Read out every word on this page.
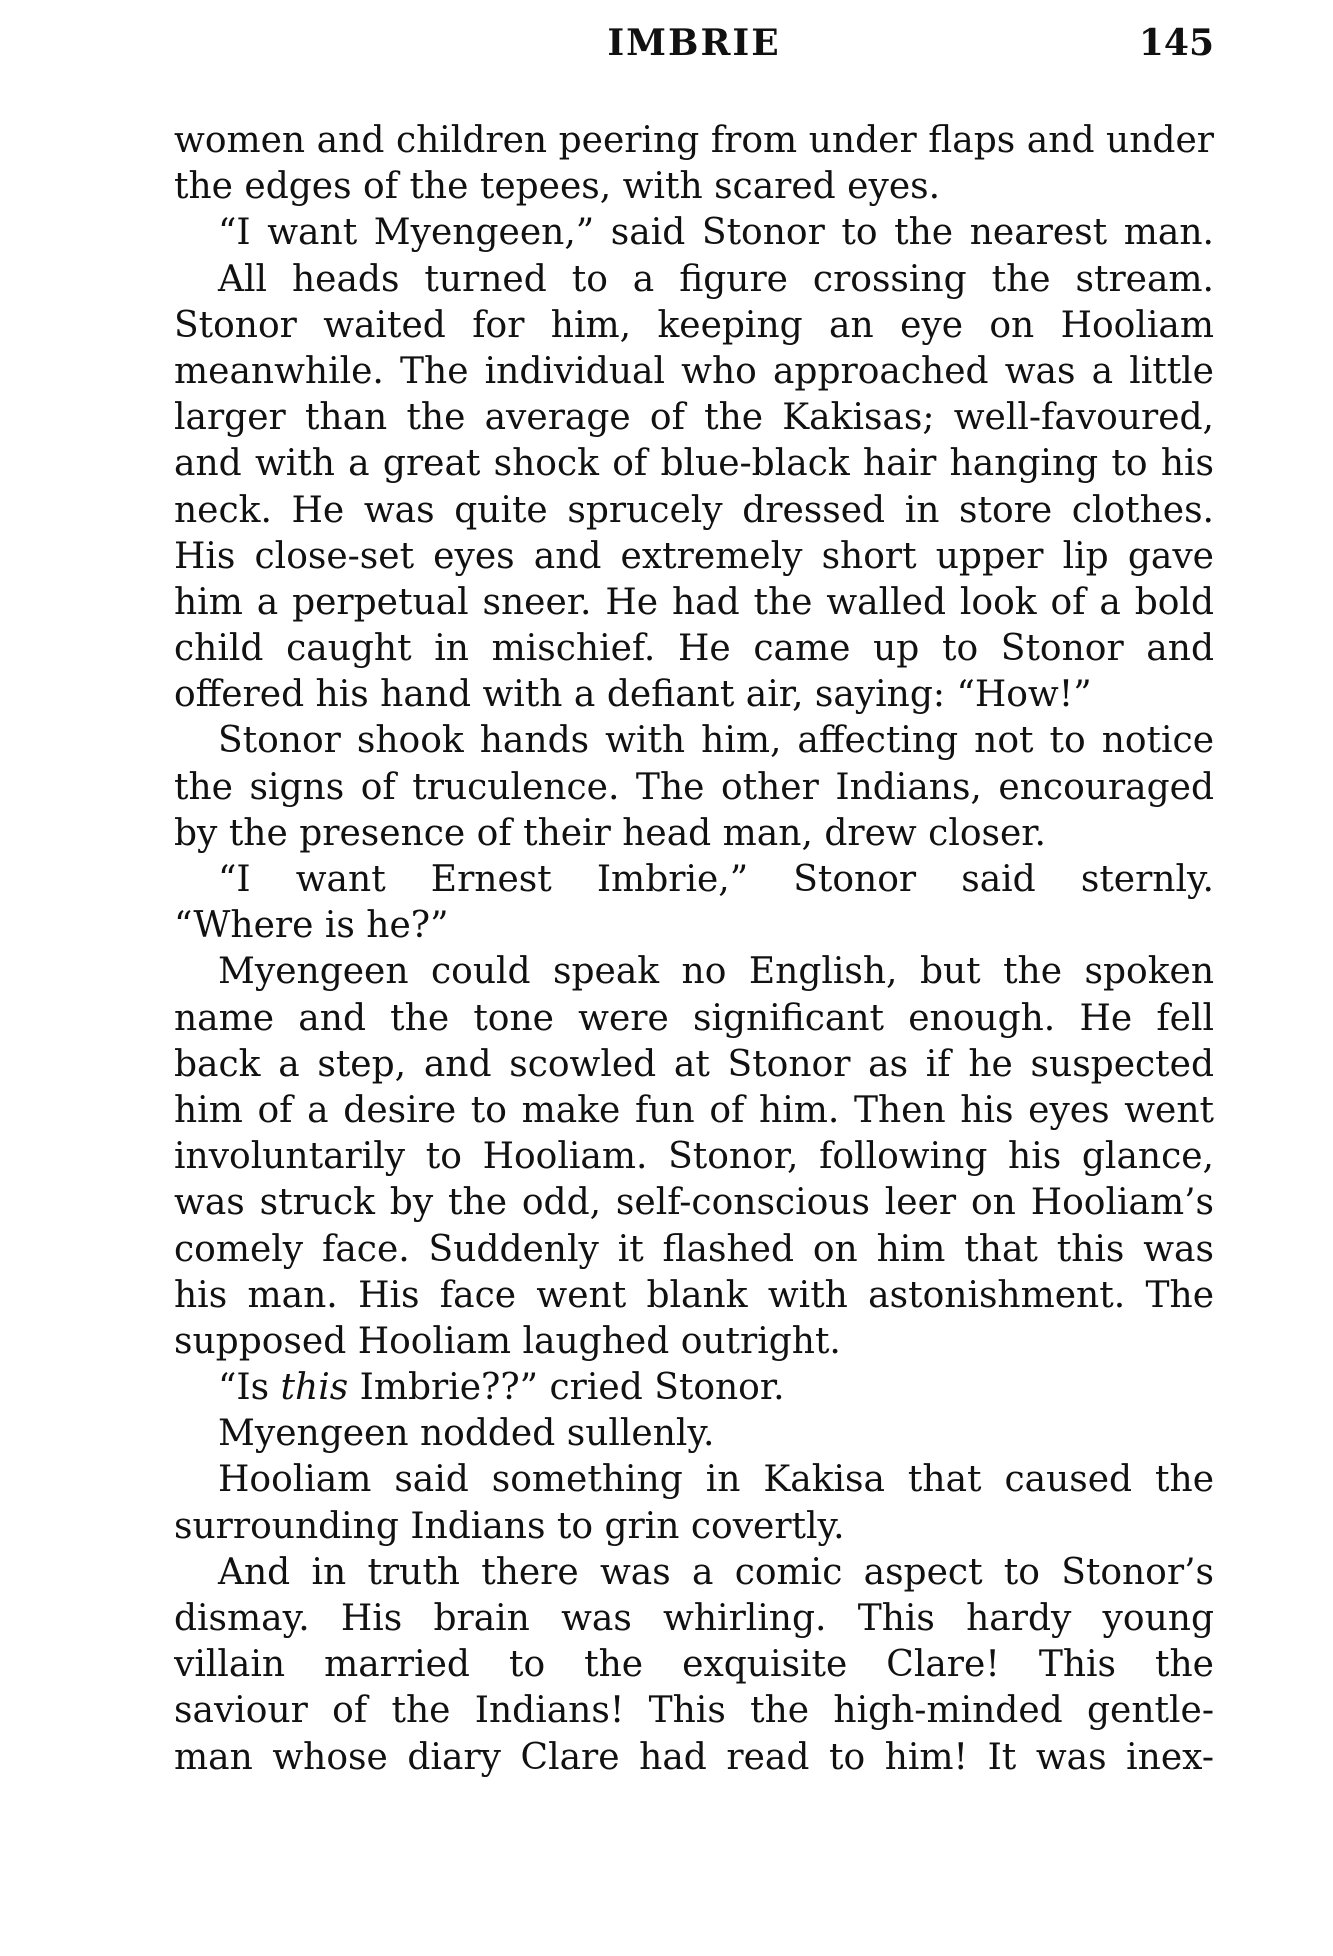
IMBRIE	145
women and children peering from under flaps and under
the edges of the tepees, with scared eyes.
“I want Myengeen,” said Stonor to the nearest man.
All heads turned to a figure crossing the stream.
Stonor waited for him, keeping an eye on Hooliam
meanwhile. The individual who approached was a little
larger than the average of the Kakisas; well-favoured,
and with a great shock of blue-black hair hanging to his
neck. He was quite sprucely dressed in store clothes.
His close-set eyes and extremely short upper lip gave
him a perpetual sneer. He had the walled look of a bold
child caught in mischief. He came up to Stonor and
offered his hand with a defiant air, saying: “How!”
Stonor shook hands with him, affecting not to notice
the signs of truculence. The other Indians, encouraged
by the presence of their head man, drew closer.
“I want Ernest Imbrie,” Stonor said sternly.
“Where is he?”
Myengeen could speak no English, but the spoken
name and the tone were significant enough. He fell
back a step, and scowled at Stonor as if he suspected
him of a desire to make fun of him. Then his eyes went
involuntarily to Hooliam. Stonor, following his glance,
was struck by the odd, self-conscious leer on Hooliam’s
comely face. Suddenly it flashed on him that this was
his man. His face went blank with astonishment. The
supposed Hooliam laughed outright.
“Is this Imbrie??” cried Stonor.
Myengeen nodded sullenly.
Hooliam said something in Kakisa that caused the
surrounding Indians to grin covertly.
And in truth there was a comic aspect to Stonor’s
dismay. His brain was whirling. This hardy young
villain married to the exquisite Clare! This the
saviour of the Indians! This the high-minded gentle-
man whose diary Clare had read to him! It was inex-
